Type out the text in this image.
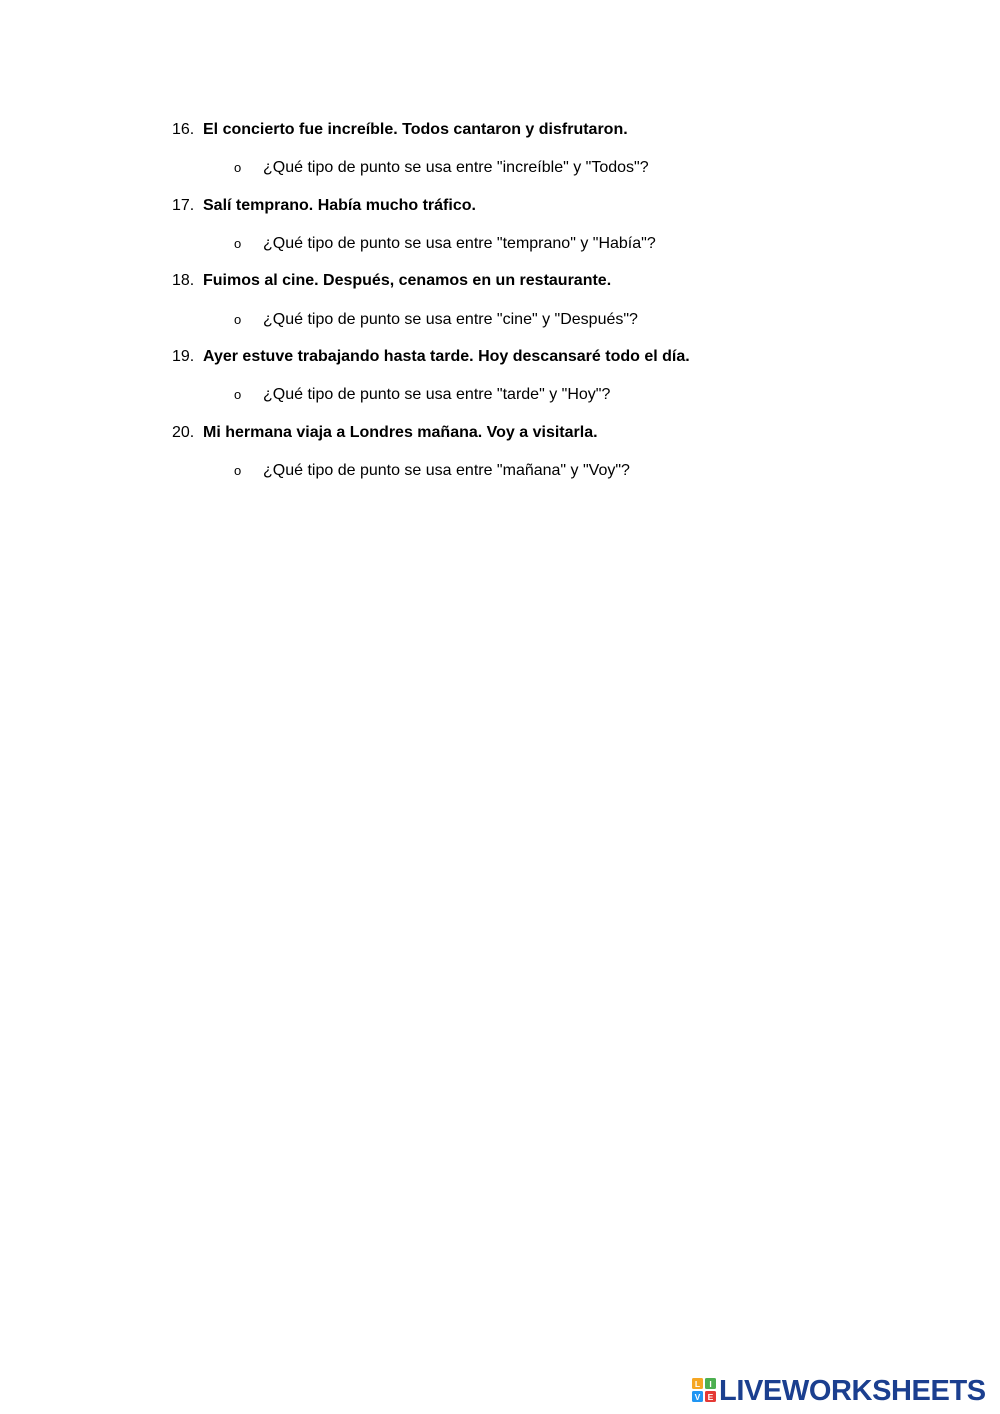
16. El concierto fue increíble. Todos cantaron y disfrutaron.
o ¿Qué tipo de punto se usa entre "increíble" y "Todos"?
17. Salí temprano. Había mucho tráfico.
o ¿Qué tipo de punto se usa entre "temprano" y "Había"?
18. Fuimos al cine. Después, cenamos en un restaurante.
o ¿Qué tipo de punto se usa entre "cine" y "Después"?
19. Ayer estuve trabajando hasta tarde. Hoy descansaré todo el día.
o ¿Qué tipo de punto se usa entre "tarde" y "Hoy"?
20. Mi hermana viaja a Londres mañana. Voy a visitarla.
o ¿Qué tipo de punto se usa entre "mañana" y "Voy"?
L I
V E LIVEWORKSHEETS
